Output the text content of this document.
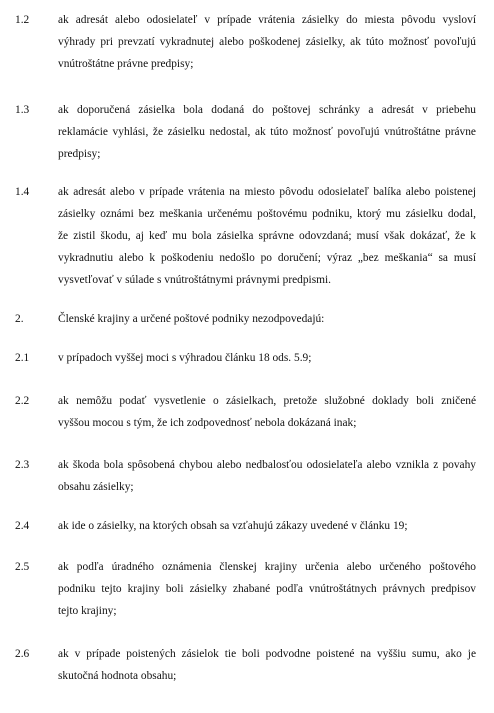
1.2	ak adresát alebo odosielateľ v prípade vrátenia zásielky do miesta pôvodu vysloví
výhrady pri prevzatí vykradnutej alebo poškodenej zásielky, ak túto možnosť povoľujú
vnútroštátne právne predpisy;
1.3	ak doporučená zásielka bola dodaná do poštovej schránky a adresát v priebehu
reklamácie vyhlási, že zásielku nedostal, ak túto možnosť povoľujú vnútroštátne právne
predpisy;
1.4	ak adresát alebo v prípade vrátenia na miesto pôvodu odosielateľ balíka alebo poistenej
zásielky oznámi bez meškania určenému poštovému podniku, ktorý mu zásielku dodal,
že zistil škodu, aj keď mu bola zásielka správne odovzdaná; musí však dokázať, že k
vykradnutiu alebo k poškodeniu nedošlo po doručení; výraz „bez meškania“ sa musí
vysvetľovať v súlade s vnútroštátnymi právnymi predpismi.
2.	Členské krajiny a určené poštové podniky nezodpovedajú:
2.1	v prípadoch vyššej moci s výhradou článku 18 ods. 5.9;
2.2	ak nemôžu podať vysvetlenie o zásielkach, pretože služobné doklady boli zničené
vyššou mocou s tým, že ich zodpovednosť nebola dokázaná inak;
2.3	ak škoda bola spôsobená chybou alebo nedbalosťou odosielateľa alebo vznikla z povahy
obsahu zásielky;
2.4	ak ide o zásielky, na ktorých obsah sa vzťahujú zákazy uvedené v článku 19;
2.5	ak podľa úradného oznámenia členskej krajiny určenia alebo určeného poštového
podniku tejto krajiny boli zásielky zhabané podľa vnútroštátnych právnych predpisov
tejto krajiny;
2.6	ak v prípade poistených zásielok tie boli podvodne poistené na vyššiu sumu, ako je
skutočná hodnota obsahu;
